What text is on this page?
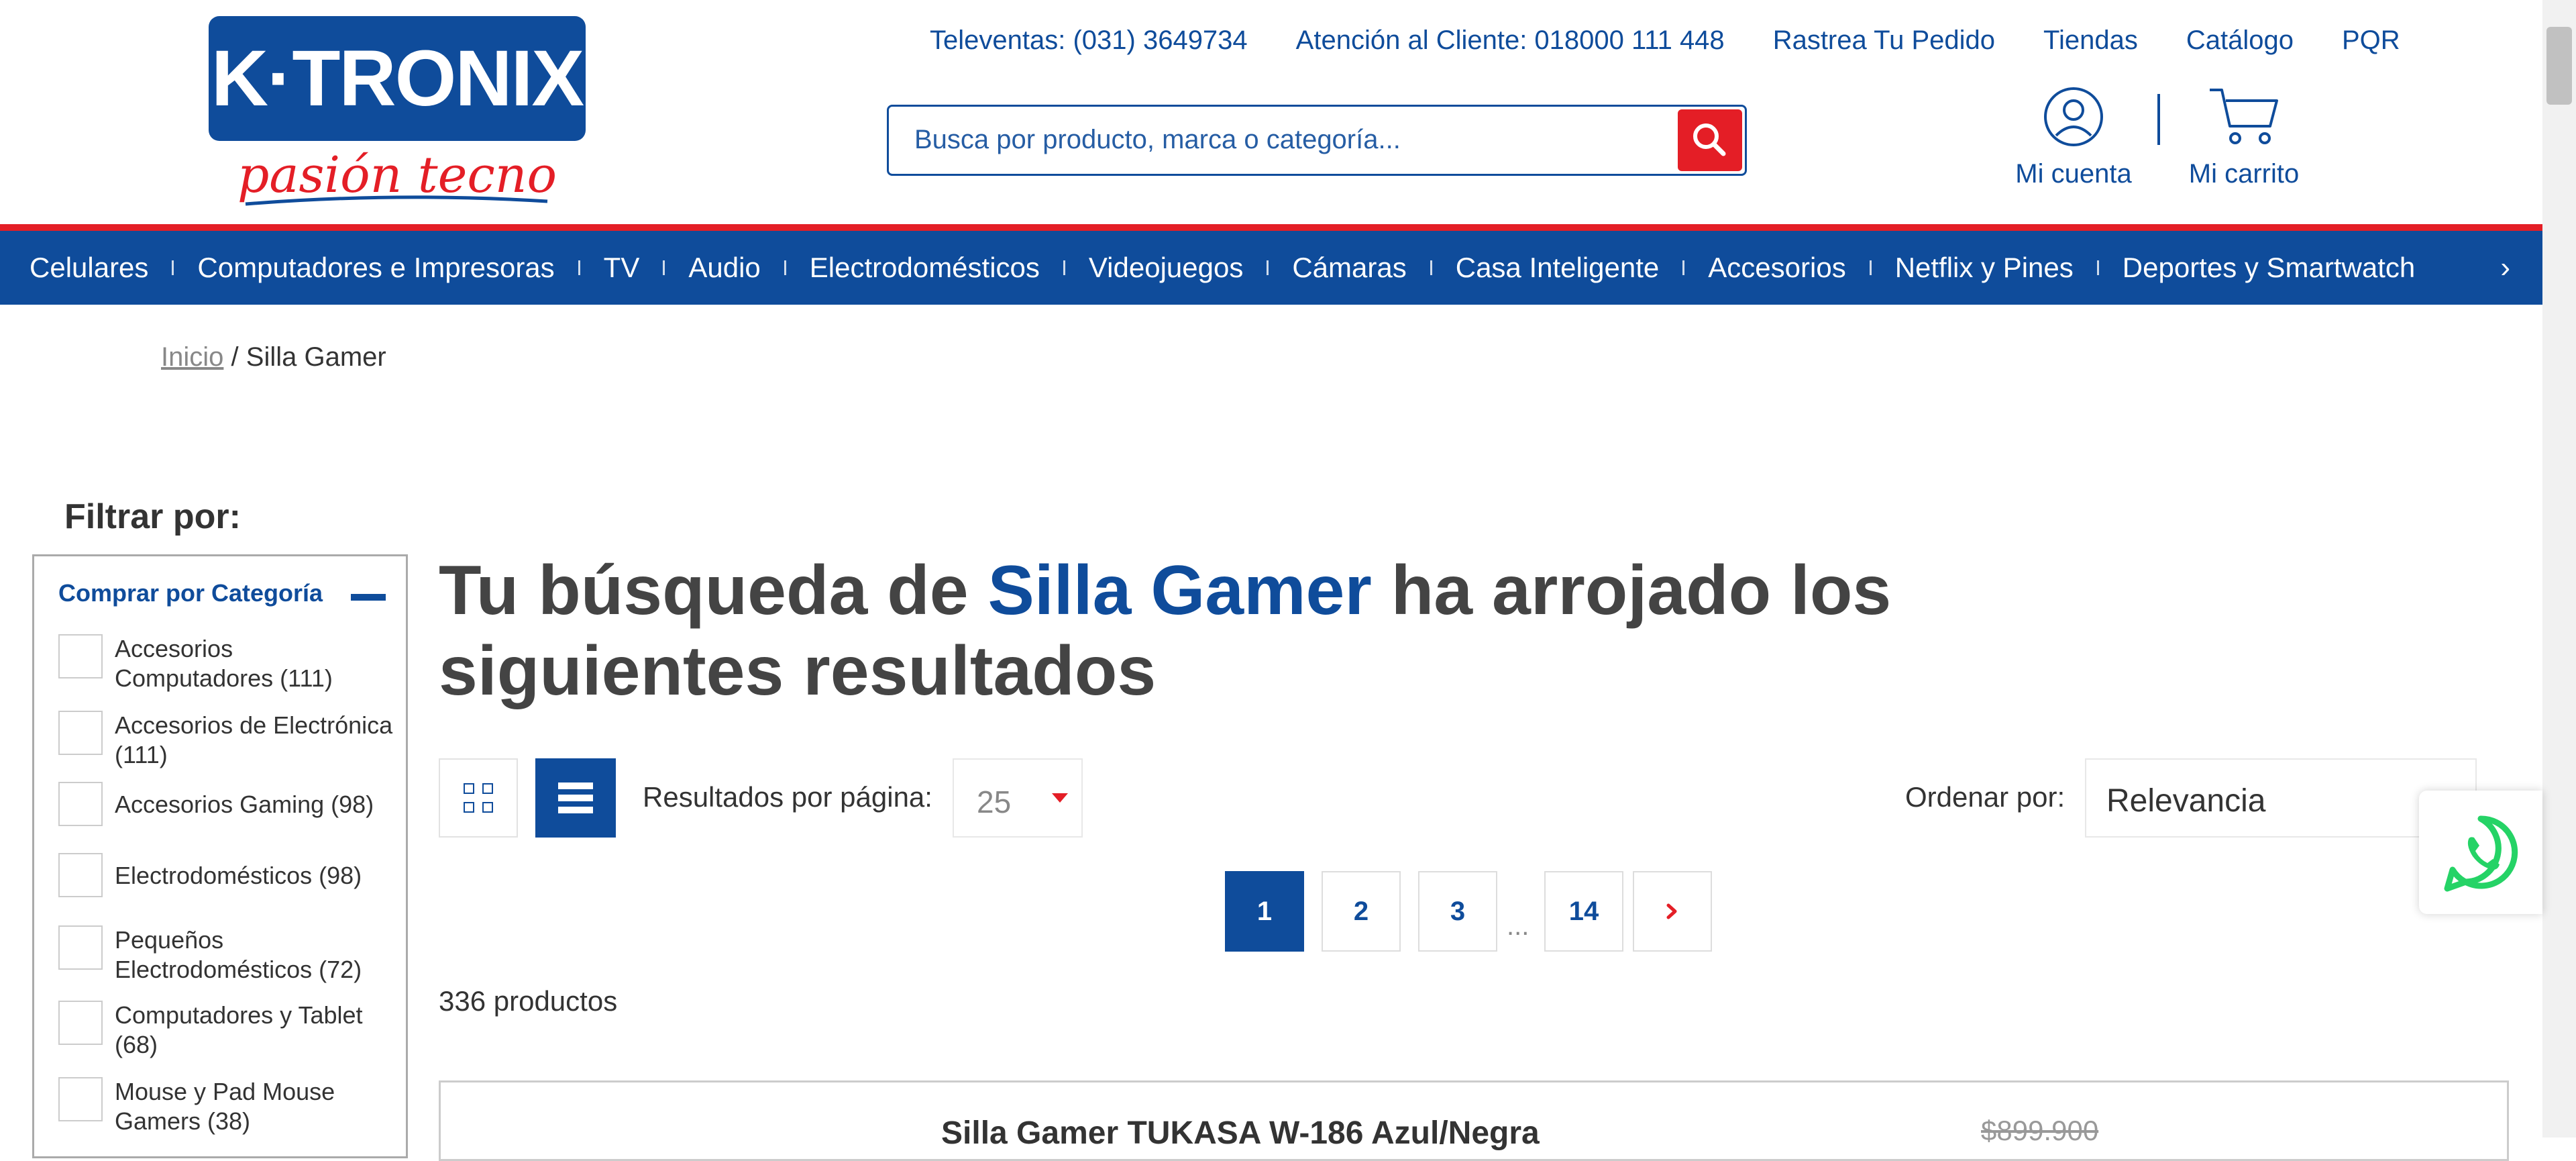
K·TRONIX
pasión tecno
Televentas: (031) 3649734 Atención al Cliente: 018000 111 448 Rastrea Tu Pedido Tiendas Catálogo PQR
Busca por producto, marca o categoría...
Mi cuenta	Mi carrito
Celulares Computadores e Impresoras TV Audio Electrodomésticos Videojuegos Cámaras Casa Inteligente Accesorios Netflix y Pines Deportes y Smartwatch	›
Inicio / Silla Gamer
Filtrar por:
Comprar por Categoría
Accesorios Computadores (111)
Accesorios de Electrónica (111)
Accesorios Gaming (98)
Electrodomésticos (98)
Pequeños Electrodomésticos (72)
Computadores y Tablet (68)
Mouse y Pad Mouse Gamers (38)
Tu búsqueda de Silla Gamer ha arrojado los siguientes resultados
Resultados por página: 25	Ordenar por: Relevancia
1	2	3	...	14
336 productos
Silla Gamer TUKASA W-186 Azul/Negra	$899.900
